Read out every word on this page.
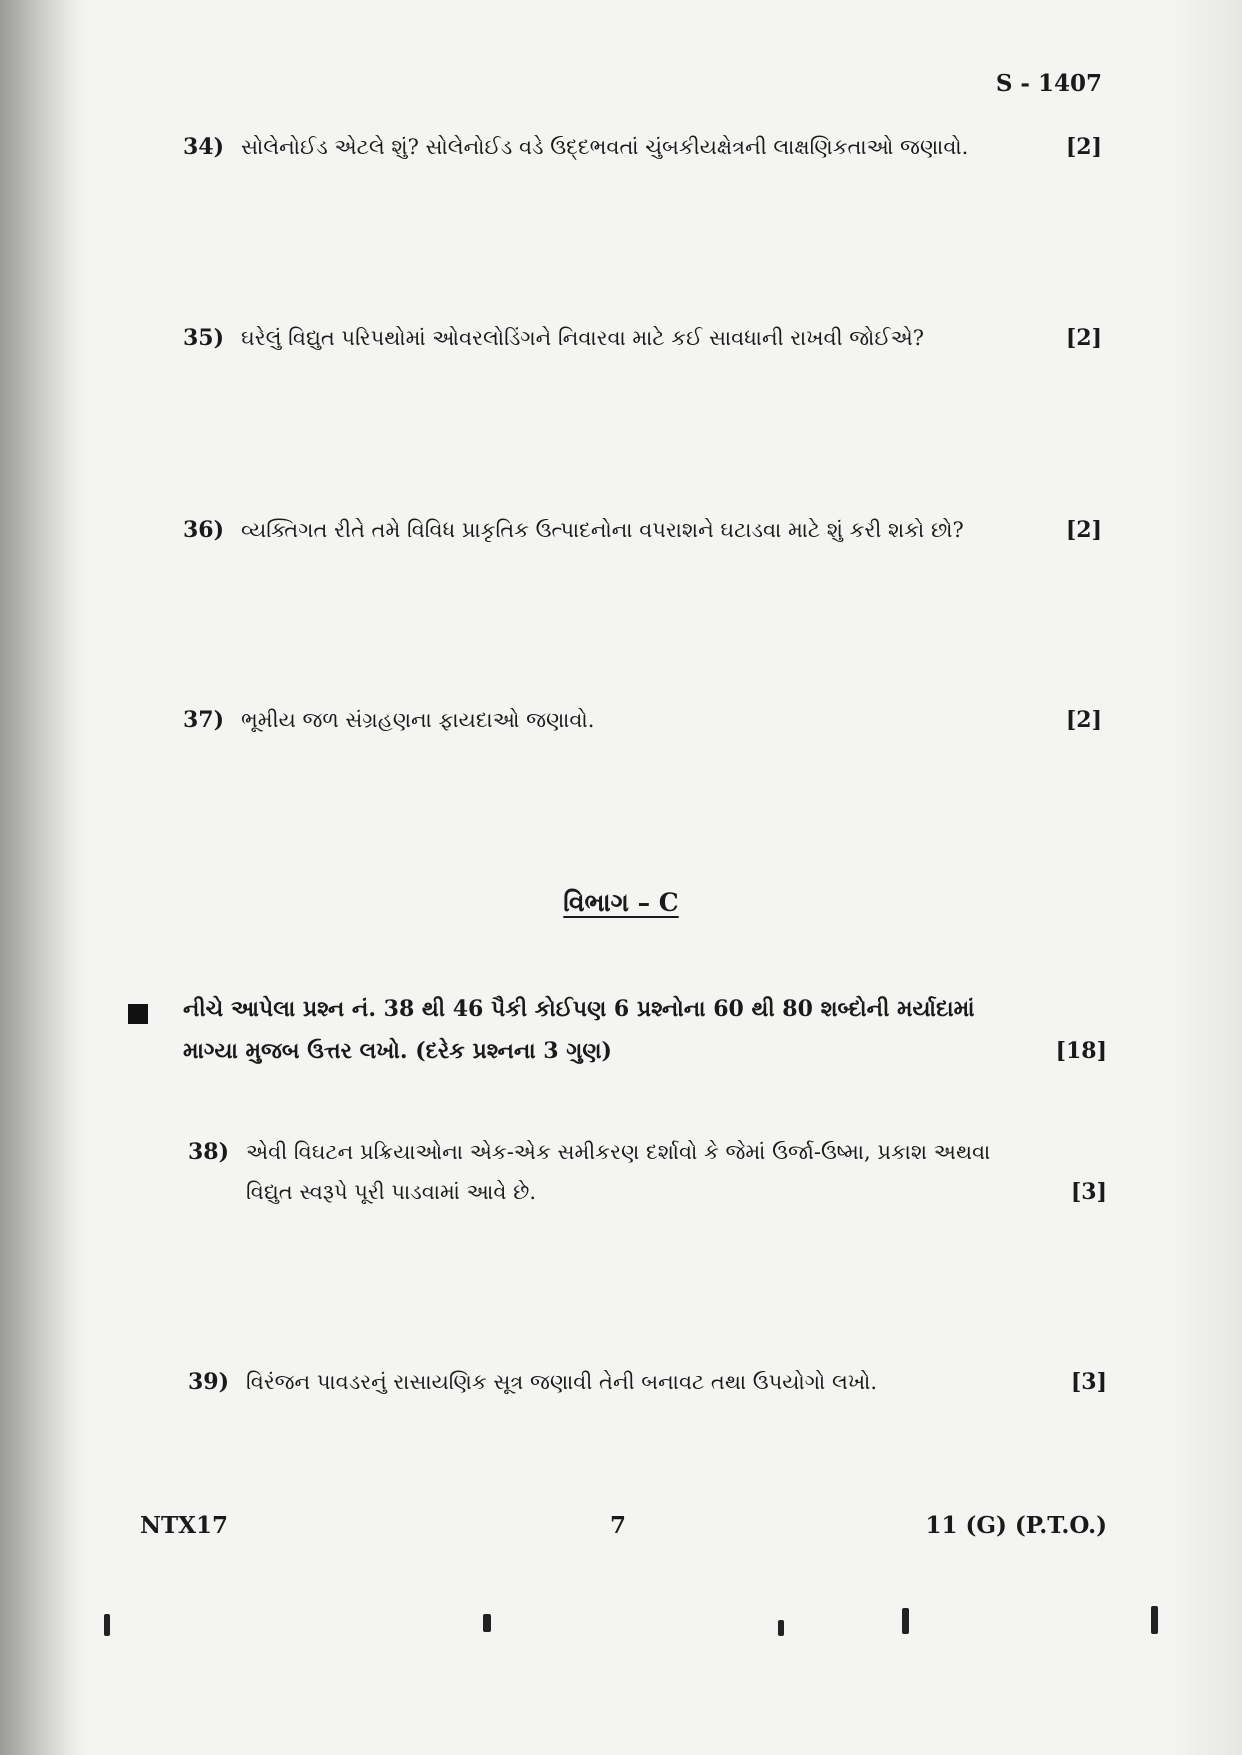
S - 1407
34) સોલેનોઈડ એટલે શું? સોલેનોઈડ વડે ઉદ્દભવતાં ચુંબકીયક્ષેત્રની લાક્ષણિકતાઓ જણાવો.	[2]
35) ઘરેલું વિદ્યુત પરિપથોમાં ઓવરલોડિંગને નિવારવા માટે કઈ સાવધાની રાખવી જોઈએ?	[2]
36) વ્યક્તિગત રીતે તમે વિવિધ પ્રાકૃતિક ઉત્પાદનોના વપરાશને ઘટાડવા માટે શું કરી શકો છો?	[2]
37) ભૂમીય જળ સંગ્રહણના ફાયદાઓ જણાવો.	[2]
વિભાગ – C
નીચે આપેલા પ્રશ્ન નં. 38 થી 46 પૈકી કોઈપણ 6 પ્રશ્નોના 60 થી 80 શબ્દોની મર્યાદામાં માગ્યા મુજબ ઉત્તર લખો. (દરેક પ્રશ્નના 3 ગુણ)	[18]
38) એવી વિઘટન પ્રક્રિયાઓના એક-એક સમીકરણ દર્શાવો કે જેમાં ઉર્જા-ઉષ્મા, પ્રકાશ અથવા વિદ્યુત સ્વરૂપે પૂરી પાડવામાં આવે છે.	[3]
39) વિરંજન પાવડરનું રાસાયણિક સૂત્ર જણાવી તેની બનાવટ તથા ઉપયોગો લખો.	[3]
NTX17	7	11 (G) (P.T.O.)
